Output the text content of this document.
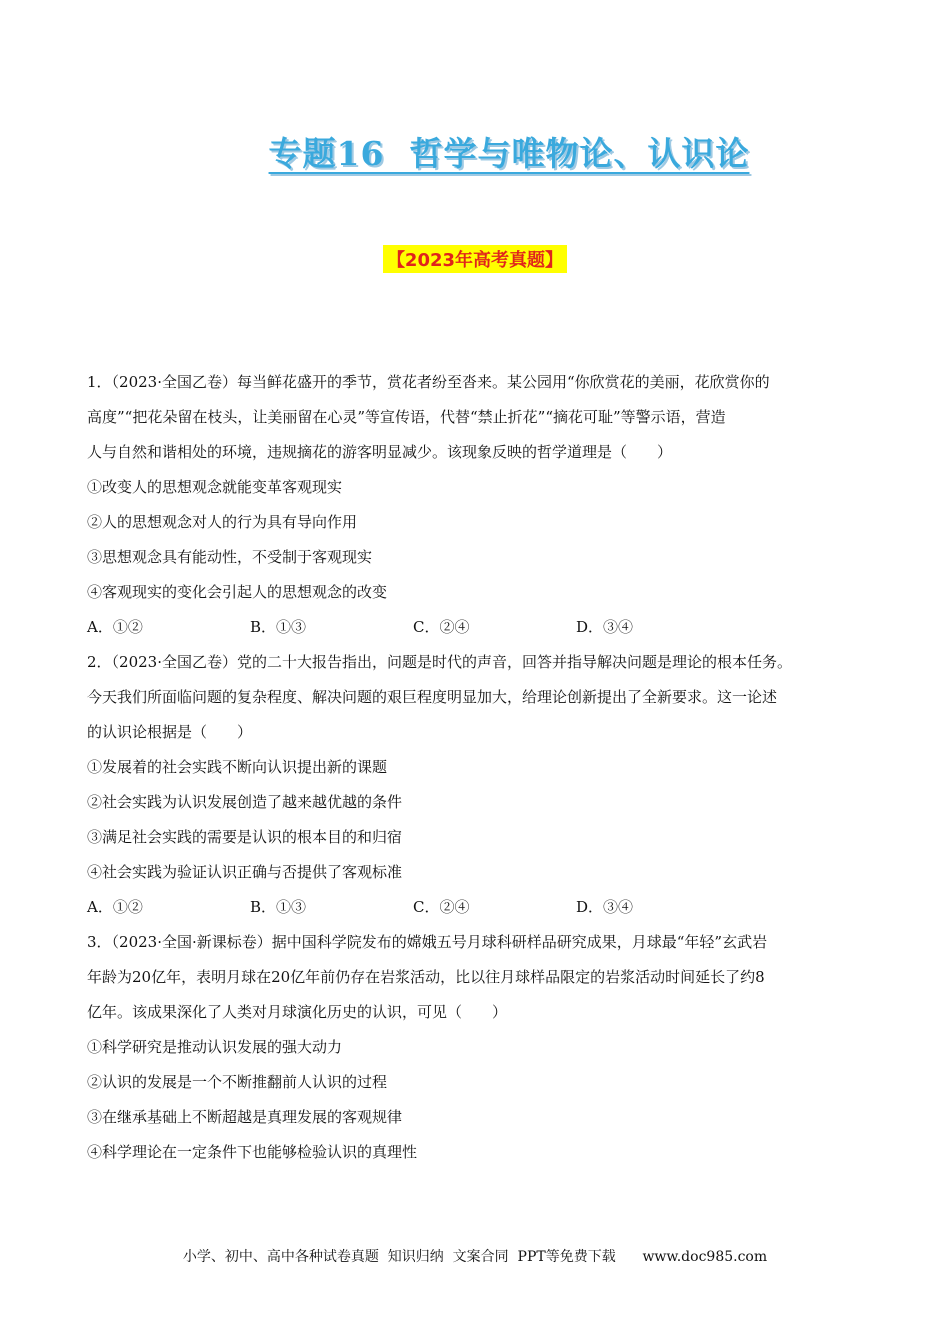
专题16  哲学与唯物论、认识论
【2023年高考真题】
1．（2023·全国乙卷）每当鲜花盛开的季节，赏花者纷至沓来。某公园用“你欣赏花的美丽，花欣赏你的
高度”“把花朵留在枝头，让美丽留在心灵”等宣传语，代替“禁止折花”“摘花可耻”等警示语，营造
人与自然和谐相处的环境，违规摘花的游客明显减少。该现象反映的哲学道理是（　　）
①改变人的思想观念就能变革客观现实
②人的思想观念对人的行为具有导向作用
③思想观念具有能动性，不受制于客观现实
④客观现实的变化会引起人的思想观念的改变
A．①②	B．①③	C．②④	D．③④
2．（2023·全国乙卷）党的二十大报告指出，问题是时代的声音，回答并指导解决问题是理论的根本任务。
今天我们所面临问题的复杂程度、解决问题的艰巨程度明显加大，给理论创新提出了全新要求。这一论述
的认识论根据是（　　）
①发展着的社会实践不断向认识提出新的课题
②社会实践为认识发展创造了越来越优越的条件
③满足社会实践的需要是认识的根本目的和归宿
④社会实践为验证认识正确与否提供了客观标准
A．①②	B．①③	C．②④	D．③④
3．（2023·全国·新课标卷）据中国科学院发布的嫦娥五号月球科研样品研究成果，月球最“年轻”玄武岩
年龄为20亿年，表明月球在20亿年前仍存在岩浆活动，比以往月球样品限定的岩浆活动时间延长了约8
亿年。该成果深化了人类对月球演化历史的认识，可见（　　）
①科学研究是推动认识发展的强大动力
②认识的发展是一个不断推翻前人认识的过程
③在继承基础上不断超越是真理发展的客观规律
④科学理论在一定条件下也能够检验认识的真理性
小学、初中、高中各种试卷真题  知识归纳  文案合同  PPT等免费下载      www.doc985.com
